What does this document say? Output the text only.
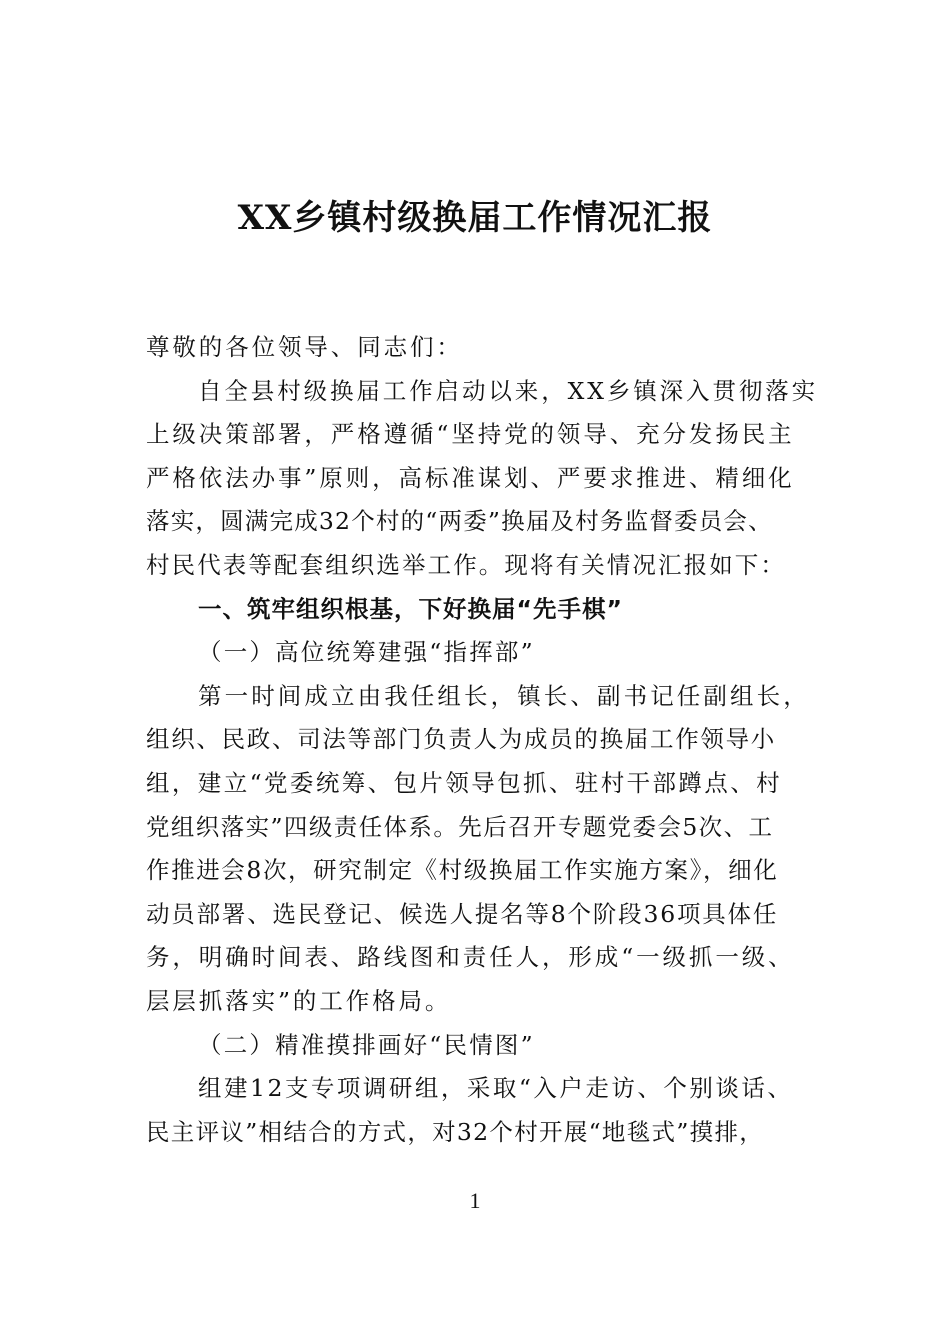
XX乡镇村级换届工作情况汇报
尊敬的各位领导、同志们：
自全县村级换届工作启动以来，XX乡镇深入贯彻落实
上级决策部署，严格遵循“坚持党的领导、充分发扬民主
严格依法办事”原则，高标准谋划、严要求推进、精细化
落实，圆满完成32个村的“两委”换届及村务监督委员会、
村民代表等配套组织选举工作。现将有关情况汇报如下：
一、筑牢组织根基，下好换届“先手棋”
（一）高位统筹建强“指挥部”
第一时间成立由我任组长，镇长、副书记任副组长，
组织、民政、司法等部门负责人为成员的换届工作领导小
组，建立“党委统筹、包片领导包抓、驻村干部蹲点、村
党组织落实”四级责任体系。先后召开专题党委会5次、工
作推进会8次，研究制定《村级换届工作实施方案》，细化
动员部署、选民登记、候选人提名等8个阶段36项具体任
务，明确时间表、路线图和责任人，形成“一级抓一级、
层层抓落实”的工作格局。
（二）精准摸排画好“民情图”
组建12支专项调研组，采取“入户走访、个别谈话、
民主评议”相结合的方式，对32个村开展“地毯式”摸排，
1
